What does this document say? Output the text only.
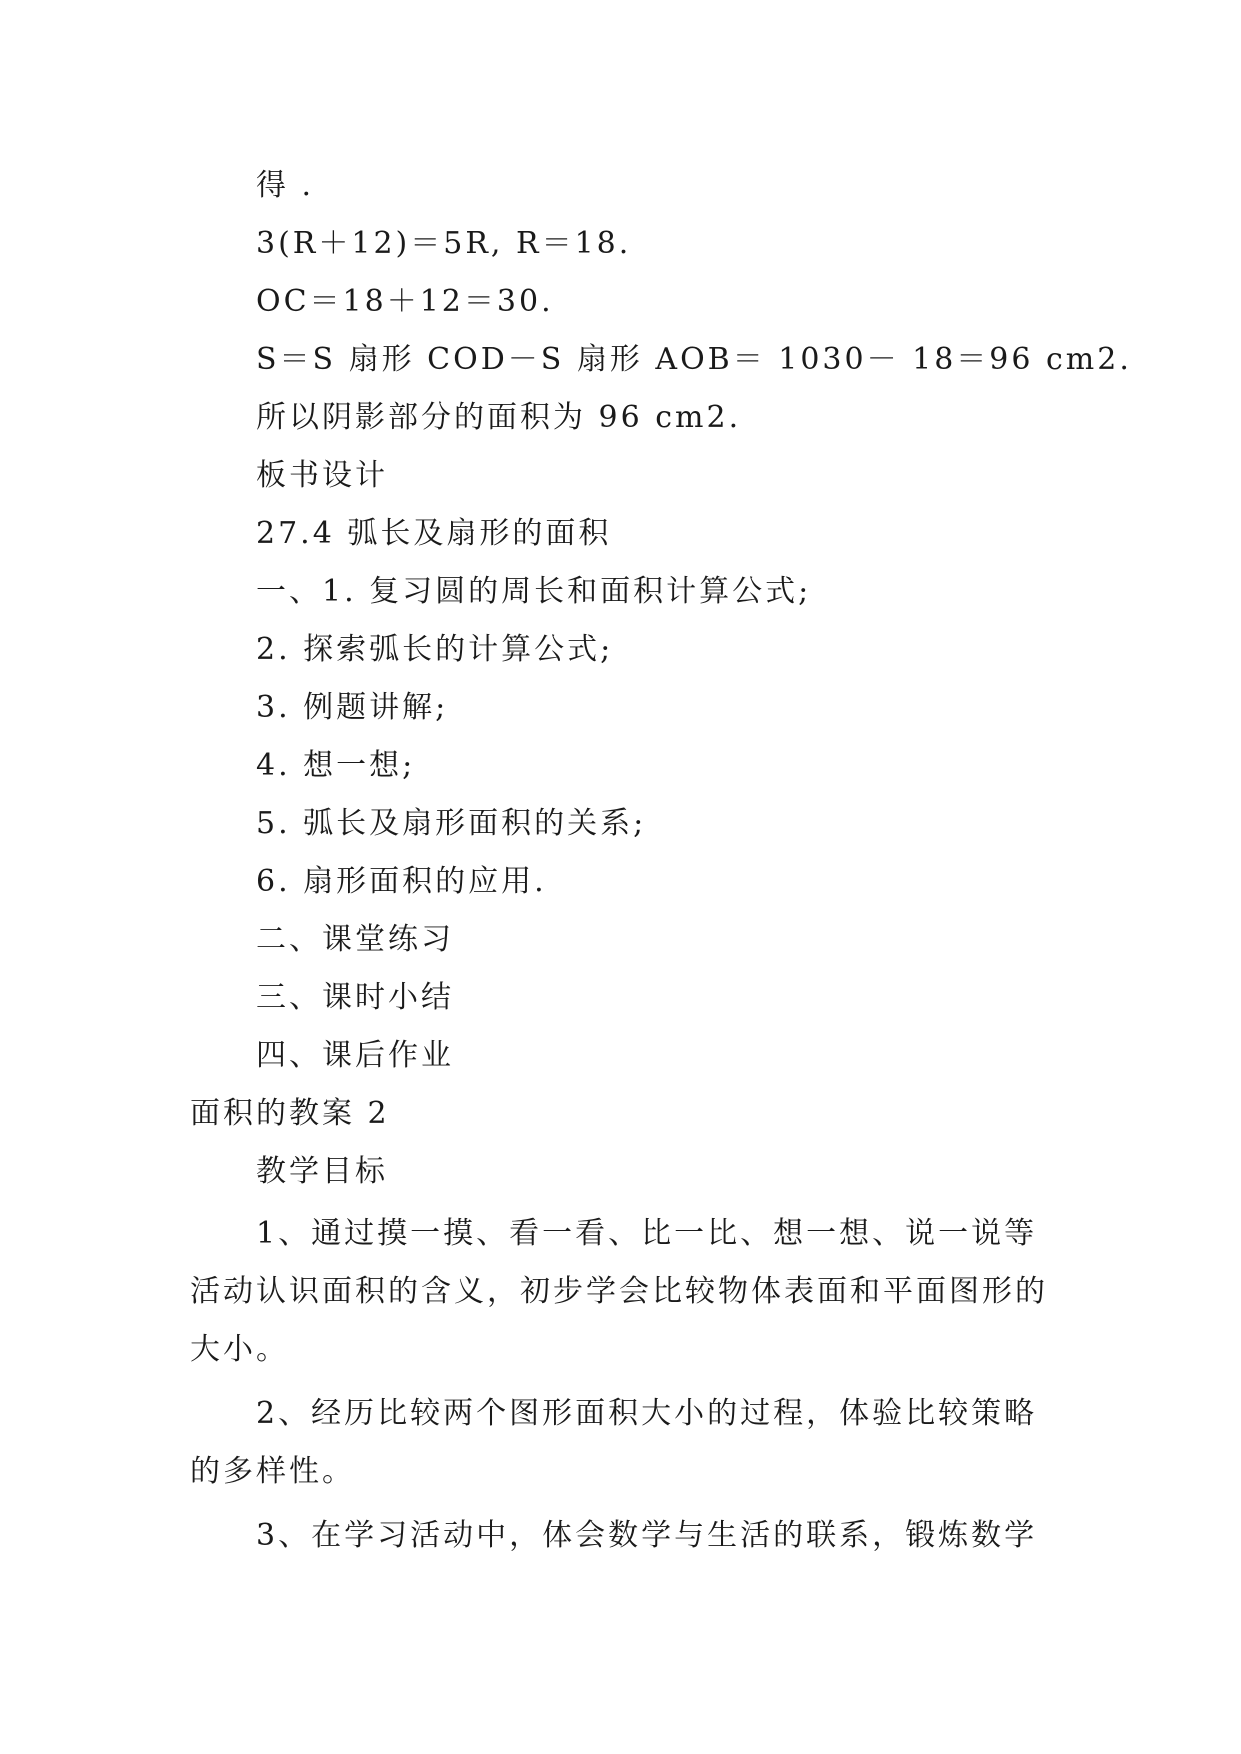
得 .
3(R＋12)＝5R, R＝18.
OC＝18＋12＝30.
S＝S 扇形 COD－S 扇形 AOB＝ 1030－ 18＝96 cm2.
所以阴影部分的面积为 96 cm2.
板书设计
27.4 弧长及扇形的面积
一、1. 复习圆的周长和面积计算公式;
2. 探索弧长的计算公式;
3. 例题讲解;
4. 想一想;
5. 弧长及扇形面积的关系;
6. 扇形面积的应用.
二、课堂练习
三、课时小结
四、课后作业
面积的教案 2
教学目标
1、通过摸一摸、看一看、比一比、想一想、说一说等
活动认识面积的含义，初步学会比较物体表面和平面图形的
大小。
2、经历比较两个图形面积大小的过程，体验比较策略
的多样性。
3、在学习活动中，体会数学与生活的联系，锻炼数学
